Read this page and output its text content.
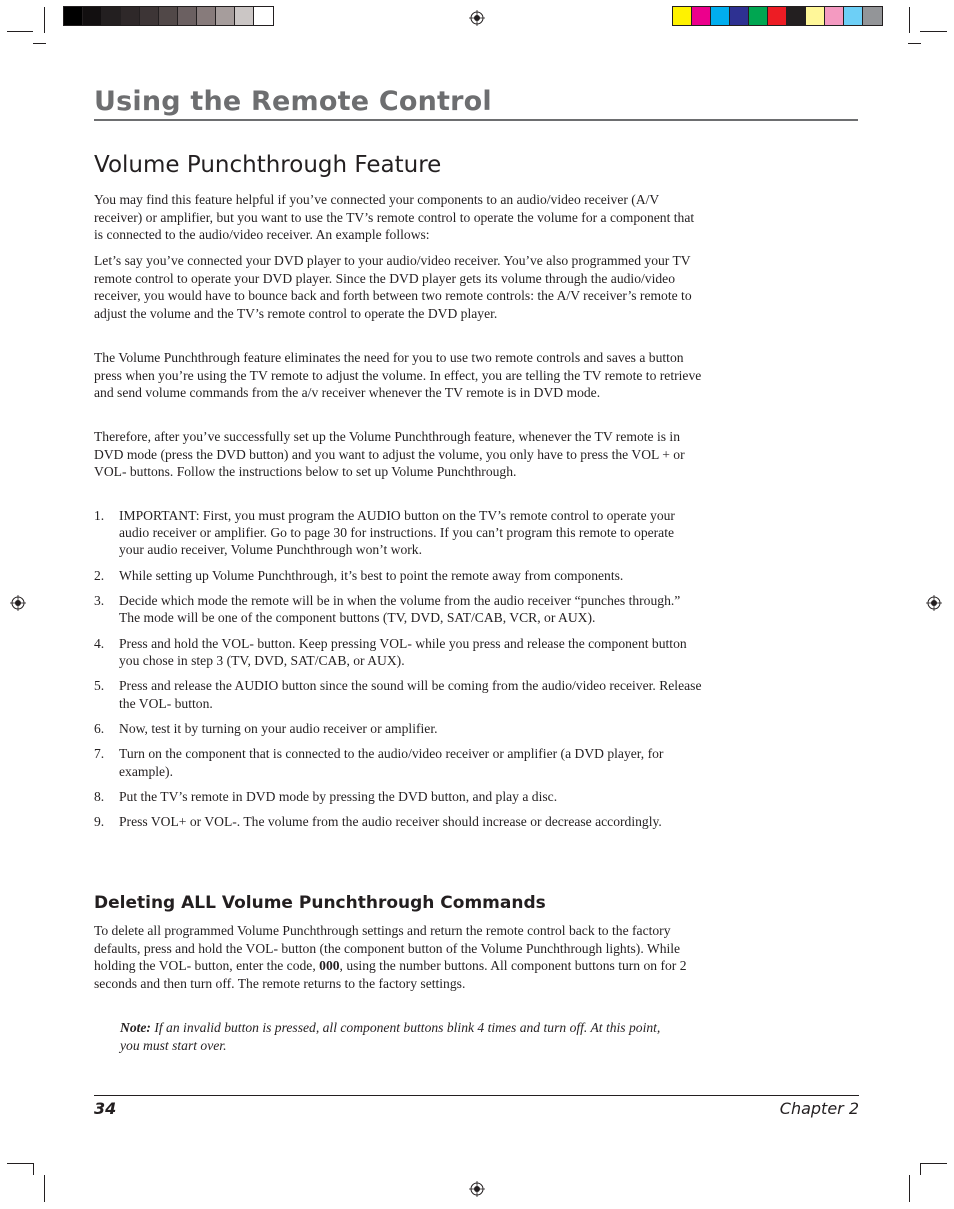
Using the Remote Control
Volume Punchthrough Feature

You may find this feature helpful if you’ve connected your components to an audio/video receiver (A/V receiver) or amplifier, but you want to use the TV’s remote control to operate the volume for a component that is connected to the audio/video receiver. An example follows:

Let’s say you’ve connected your DVD player to your audio/video receiver. You’ve also programmed your TV remote control to operate your DVD player. Since the DVD player gets its volume through the audio/video receiver, you would have to bounce back and forth between two remote controls: the A/V receiver’s remote to adjust the volume and the TV’s remote control to operate the DVD player.

The Volume Punchthrough feature eliminates the need for you to use two remote controls and saves a button press when you’re using the TV remote to adjust the volume. In effect, you are telling the TV remote to retrieve and send volume commands from the a/v receiver whenever the TV remote is in DVD mode.

Therefore, after you’ve successfully set up the Volume Punchthrough feature, whenever the TV remote is in DVD mode (press the DVD button) and you want to adjust the volume, you only have to press the VOL + or VOL- buttons. Follow the instructions below to set up Volume Punchthrough.

1. IMPORTANT: First, you must program the AUDIO button on the TV’s remote control to operate your audio receiver or amplifier. Go to page 30 for instructions. If you can’t program this remote to operate your audio receiver, Volume Punchthrough won’t work.
2. While setting up Volume Punchthrough, it’s best to point the remote away from components.
3. Decide which mode the remote will be in when the volume from the audio receiver “punches through.” The mode will be one of the component buttons (TV, DVD, SAT/CAB, VCR, or AUX).
4. Press and hold the VOL- button. Keep pressing VOL- while you press and release the component button you chose in step 3 (TV, DVD, SAT/CAB, or AUX).
5. Press and release the AUDIO button since the sound will be coming from the audio/video receiver. Release the VOL- button.
6. Now, test it by turning on your audio receiver or amplifier.
7. Turn on the component that is connected to the audio/video receiver or amplifier (a DVD player, for example).
8. Put the TV’s remote in DVD mode by pressing the DVD button, and play a disc.
9. Press VOL+ or VOL-. The volume from the audio receiver should increase or decrease accordingly.
Deleting ALL Volume Punchthrough Commands

To delete all programmed Volume Punchthrough settings and return the remote control back to the factory defaults, press and hold the VOL- button (the component button of the Volume Punchthrough lights). While holding the VOL- button, enter the code, 000, using the number buttons. All component buttons turn on for 2 seconds and then turn off. The remote returns to the factory settings.

Note: If an invalid button is pressed, all component buttons blink 4 times and turn off. At this point, you must start over.

34	Chapter 2
